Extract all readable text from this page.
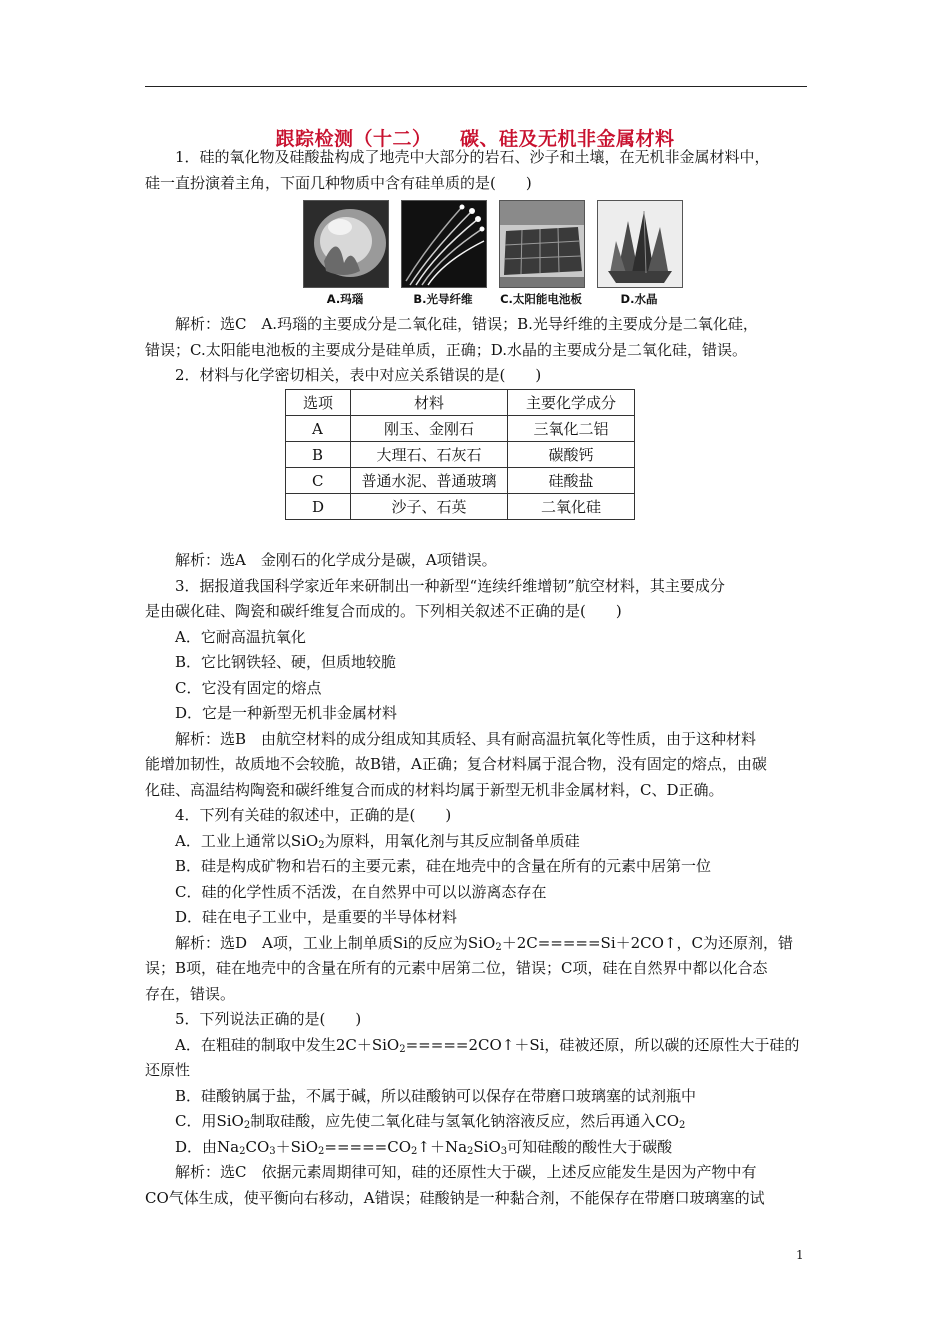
跟踪检测（十二）    碳、硅及无机非金属材料

1．硅的氧化物及硅酸盐构成了地壳中大部分的岩石、沙子和土壤，在无机非金属材料中，

硅一直扮演着主角，下面几种物质中含有硅单质的是(　　)

A.玛瑙	B.光导纤维	C.太阳能电池板	D.水晶

解析：选C　A.玛瑙的主要成分是二氧化硅，错误；B.光导纤维的主要成分是二氧化硅，

错误；C.太阳能电池板的主要成分是硅单质，正确；D.水晶的主要成分是二氧化硅，错误。

2．材料与化学密切相关，表中对应关系错误的是(　　)

选项	材料	主要化学成分
A	刚玉、金刚石	三氧化二铝
B	大理石、石灰石	碳酸钙
C	普通水泥、普通玻璃	硅酸盐
D	沙子、石英	二氧化硅

解析：选A　金刚石的化学成分是碳，A项错误。

3．据报道我国科学家近年来研制出一种新型“连续纤维增韧”航空材料，其主要成分

是由碳化硅、陶瓷和碳纤维复合而成的。下列相关叙述不正确的是(　　)

A．它耐高温抗氧化

B．它比钢铁轻、硬，但质地较脆

C．它没有固定的熔点

D．它是一种新型无机非金属材料

解析：选B　由航空材料的成分组成知其质轻、具有耐高温抗氧化等性质，由于这种材料

能增加韧性，故质地不会较脆，故B错，A正确；复合材料属于混合物，没有固定的熔点，由碳

化硅、高温结构陶瓷和碳纤维复合而成的材料均属于新型无机非金属材料，C、D正确。

4．下列有关硅的叙述中，正确的是(　　)

A．工业上通常以SiO$_2$为原料，用氧化剂与其反应制备单质硅

B．硅是构成矿物和岩石的主要元素，硅在地壳中的含量在所有的元素中居第一位

C．硅的化学性质不活泼，在自然界中可以以游离态存在

D．硅在电子工业中，是重要的半导体材料

解析：选D　A项，工业上制单质Si的反应为SiO$_2$＋2C=====Si＋2CO↑，C为还原剂，错

误；B项，硅在地壳中的含量在所有的元素中居第二位，错误；C项，硅在自然界中都以化合态

存在，错误。

5．下列说法正确的是(　　)

A．在粗硅的制取中发生2C＋SiO$_2$=====2CO↑＋Si，硅被还原，所以碳的还原性大于硅的

还原性

B．硅酸钠属于盐，不属于碱，所以硅酸钠可以保存在带磨口玻璃塞的试剂瓶中

C．用SiO$_2$制取硅酸，应先使二氧化硅与氢氧化钠溶液反应，然后再通入$CO_2$

D．由$Na_2CO_3+SiO_2=====CO_2↑+Na_2SiO_3$可知硅酸的酸性大于碳酸

解析：选C　依据元素周期律可知，硅的还原性大于碳，上述反应能发生是因为产物中有

CO气体生成，使平衡向右移动，A错误；硅酸钠是一种黏合剂，不能保存在带磨口玻璃塞的试

1
